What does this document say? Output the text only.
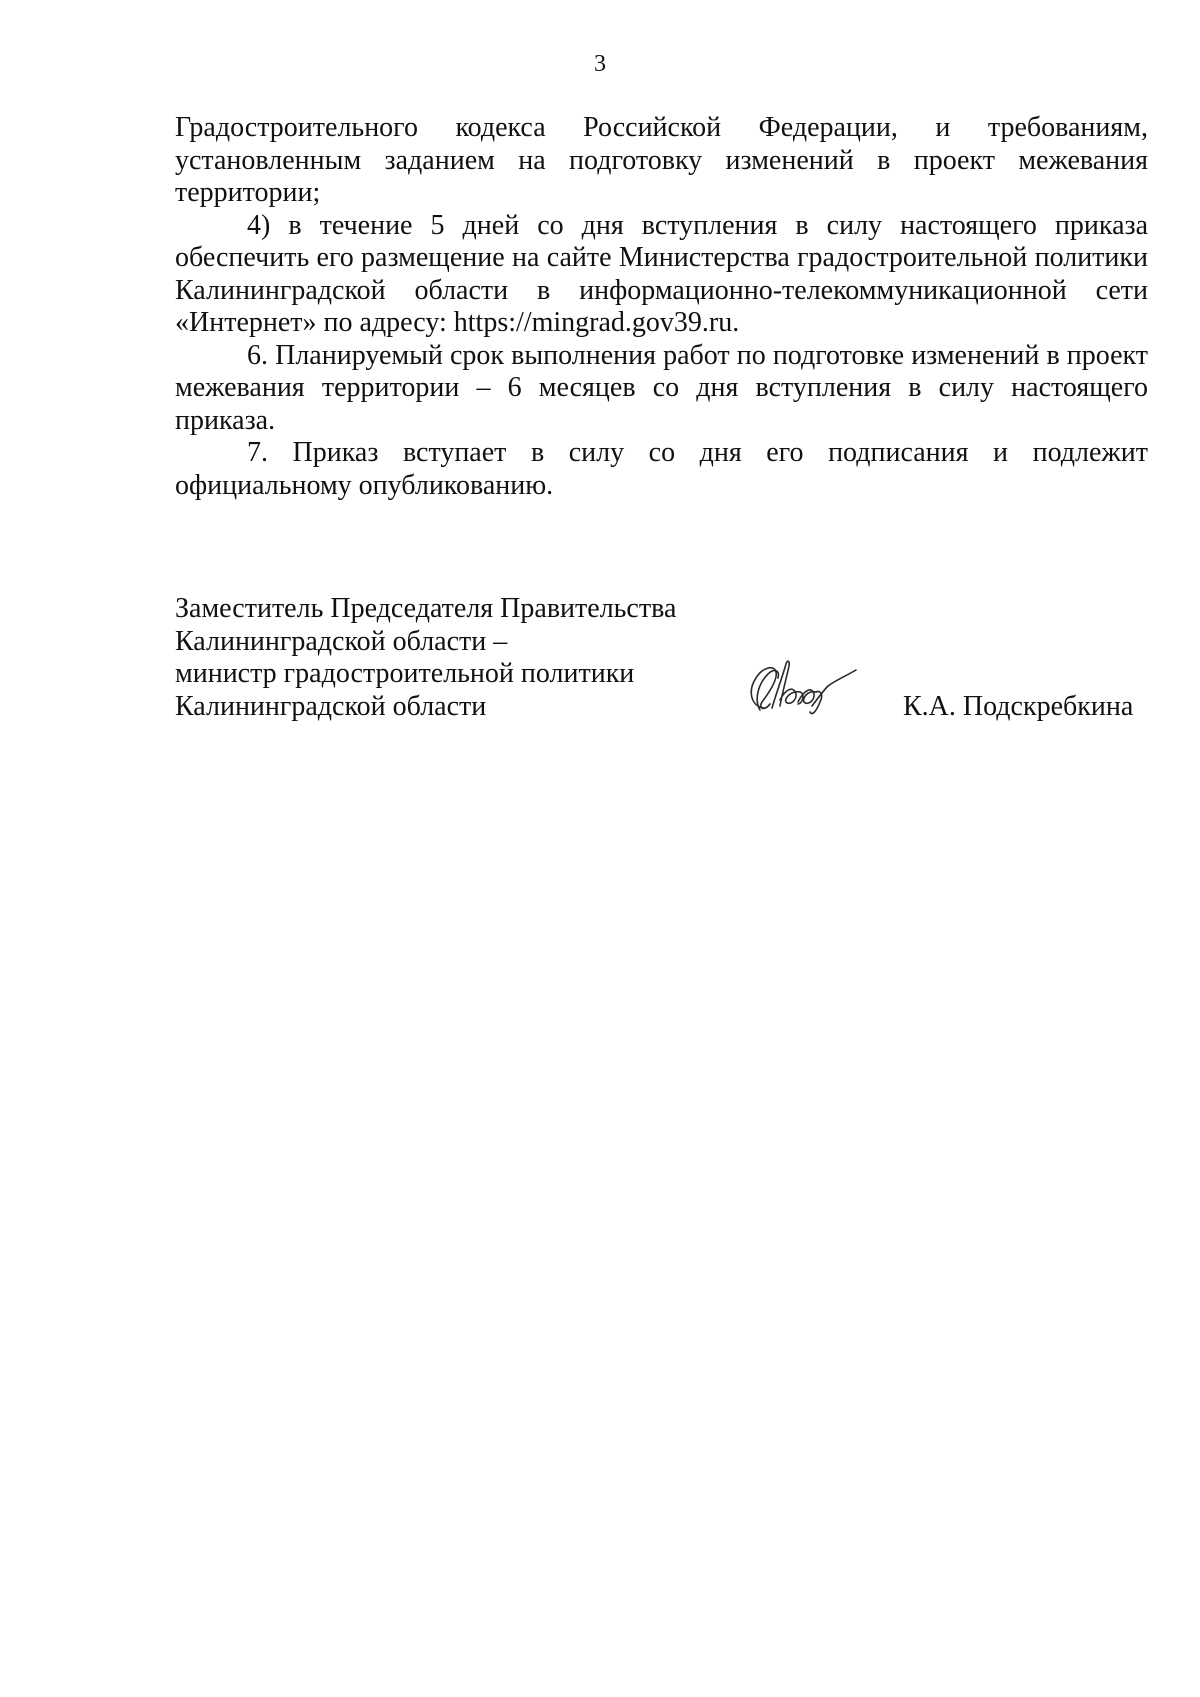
3

Градостроительного кодекса Российской Федерации, и требованиям, установленным заданием на подготовку изменений в проект межевания территории;

4) в течение 5 дней со дня вступления в силу настоящего приказа обеспечить его размещение на сайте Министерства градостроительной политики Калининградской области в информационно-телекоммуникационной сети «Интернет» по адресу: https://mingrad.gov39.ru.

6. Планируемый срок выполнения работ по подготовке изменений в проект межевания территории – 6 месяцев со дня вступления в силу настоящего приказа.

7. Приказ вступает в силу со дня его подписания и подлежит официальному опубликованию.

Заместитель Председателя Правительства
Калининградской области –
министр градостроительной политики
Калининградской области	К.А. Подскребкина
